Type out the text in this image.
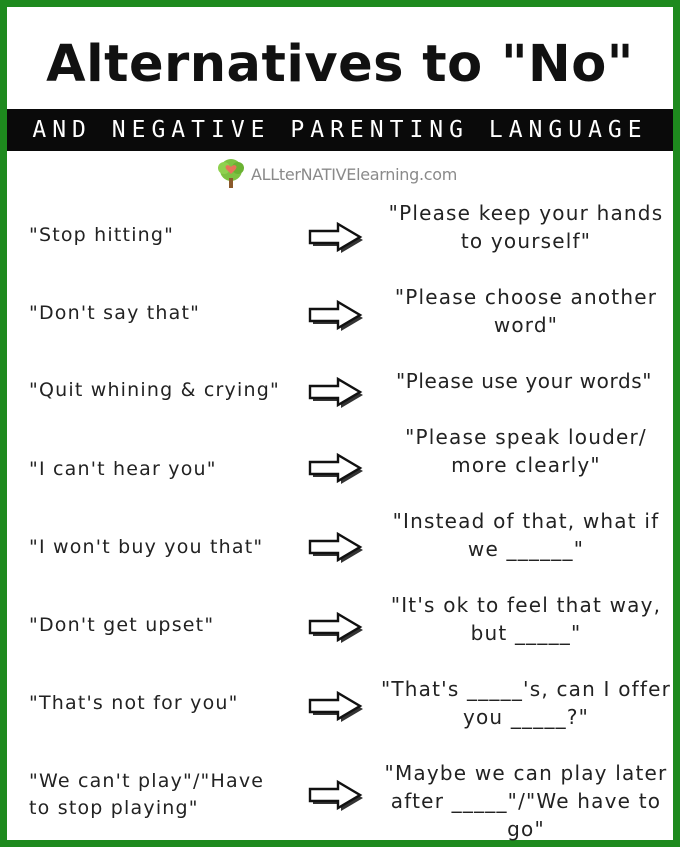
Alternatives to "No"
AND NEGATIVE PARENTING LANGUAGE
ALLterNATIVElearning.com
"Stop hitting"
"Please keep your hands to yourself"
"Don't say that"
"Please choose another word"
"Quit whining & crying"	"Please use your words"
"I can't hear you"
"Please speak louder/ more clearly"
"I won't buy you that"
"Instead of that, what if we ______"
"Don't get upset"
"It's ok to feel that way, but _____"
"That's not for you"
"That's _____'s, can I offer you _____?"
"We can't play"/"Have to stop playing"
"Maybe we can play later after _____"/"We have to go"
